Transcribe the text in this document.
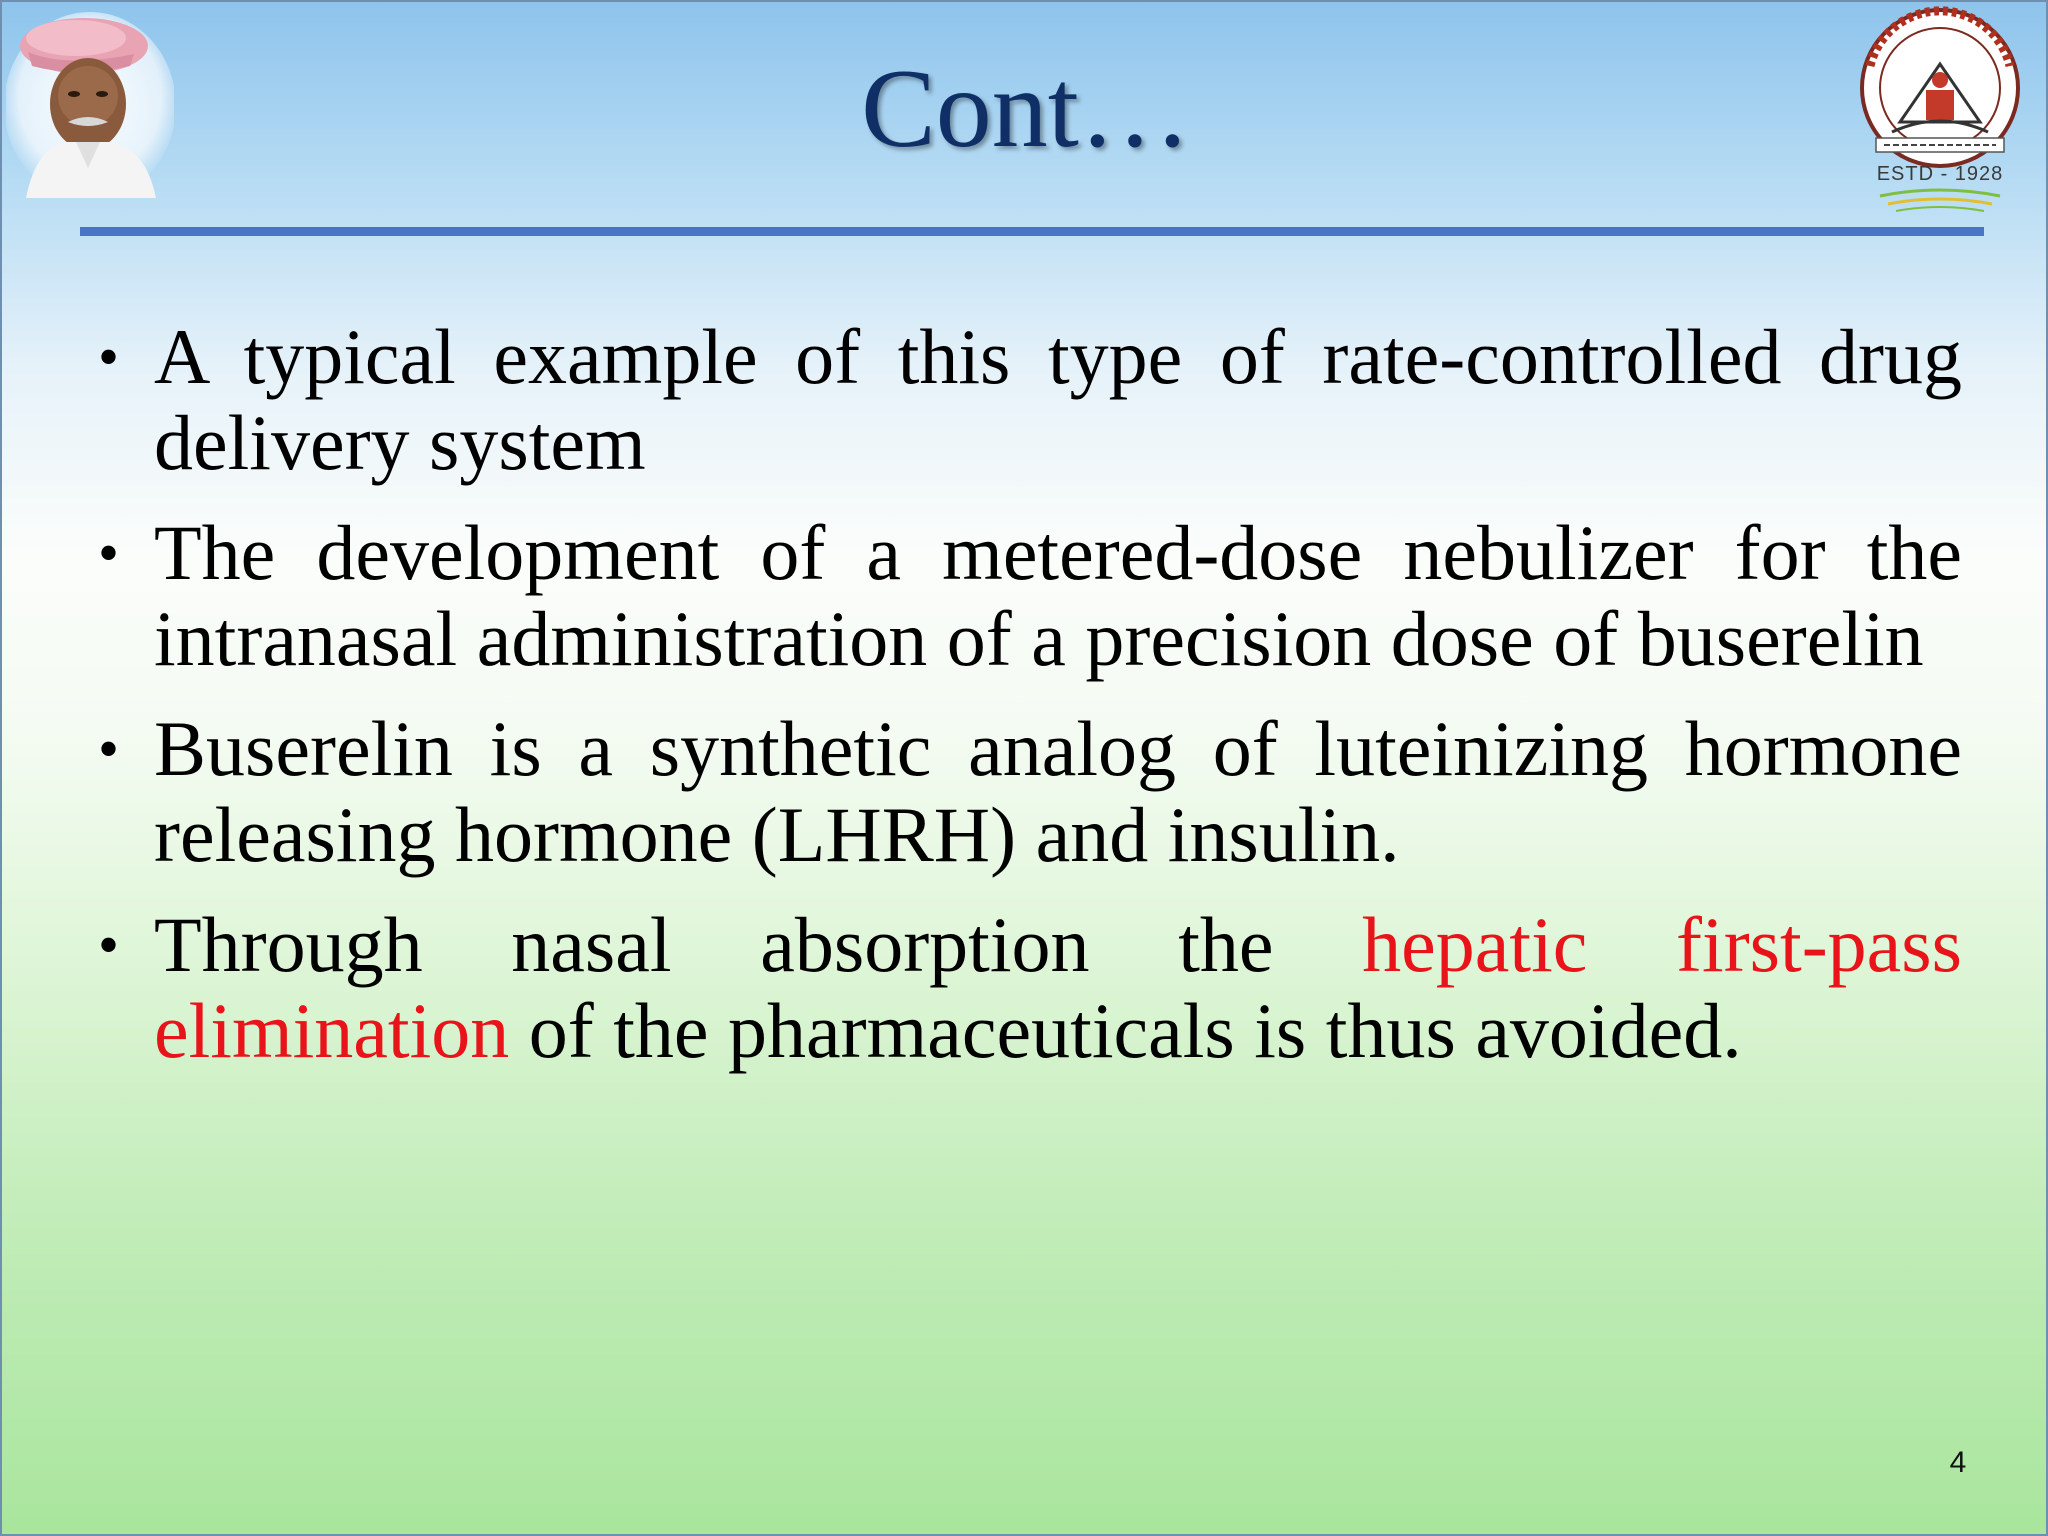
ESTD - 1928
Cont…
• A typical example of this type of rate-controlled drug delivery system
• The development of a metered-dose nebulizer for the intranasal administration of a precision dose of buserelin
• Buserelin is a synthetic analog of luteinizing hormone releasing hormone (LHRH) and insulin.
• Through nasal absorption the hepatic first-pass elimination of the pharmaceuticals is thus avoided.
4
